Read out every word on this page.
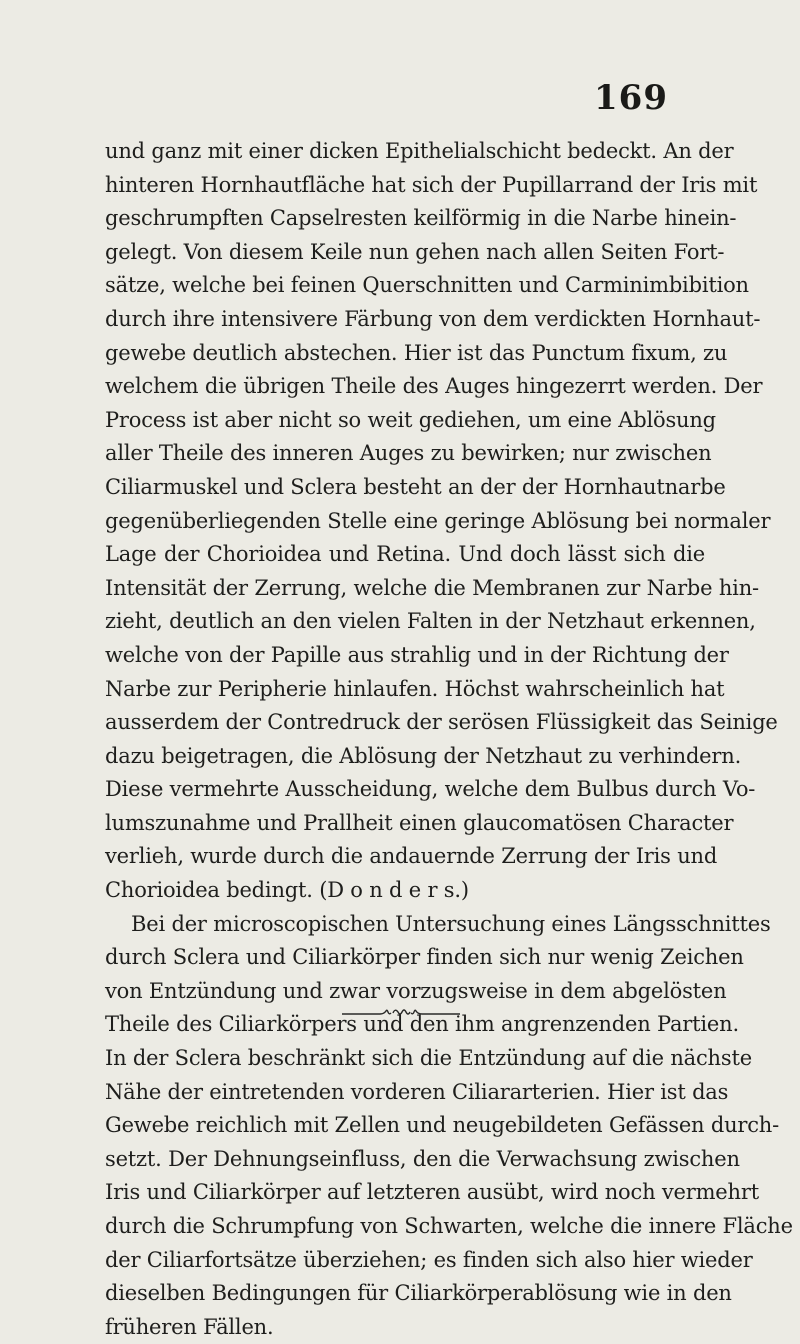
169
und ganz mit einer dicken Epithelialschicht bedeckt. An der
hinteren Hornhautfläche hat sich der Pupillarrand der Iris mit
geschrumpften Capselresten keilförmig in die Narbe hinein-
gelegt. Von diesem Keile nun gehen nach allen Seiten Fort-
sätze, welche bei feinen Querschnitten und Carminimbibition
durch ihre intensivere Färbung von dem verdickten Hornhaut-
gewebe deutlich abstechen. Hier ist das Punctum fixum, zu
welchem die übrigen Theile des Auges hingezerrt werden. Der
Process ist aber nicht so weit gediehen, um eine Ablösung
aller Theile des inneren Auges zu bewirken; nur zwischen
Ciliarmuskel und Sclera besteht an der der Hornhautnarbe
gegenüberliegenden Stelle eine geringe Ablösung bei normaler
Lage der Chorioidea und Retina. Und doch lässt sich die
Intensität der Zerrung, welche die Membranen zur Narbe hin-
zieht, deutlich an den vielen Falten in der Netzhaut erkennen,
welche von der Papille aus strahlig und in der Richtung der
Narbe zur Peripherie hinlaufen. Höchst wahrscheinlich hat
ausserdem der Contredruck der serösen Flüssigkeit das Seinige
dazu beigetragen, die Ablösung der Netzhaut zu verhindern.
Diese vermehrte Ausscheidung, welche dem Bulbus durch Vo-
lumszunahme und Prallheit einen glaucomatösen Character
verlieh, wurde durch die andauernde Zerrung der Iris und
Chorioidea bedingt. (D o n d e r s.)
Bei der microscopischen Untersuchung eines Längsschnittes
durch Sclera und Ciliarkörper finden sich nur wenig Zeichen
von Entzündung und zwar vorzugsweise in dem abgelösten
Theile des Ciliarkörpers und den ihm angrenzenden Partien.
In der Sclera beschränkt sich die Entzündung auf die nächste
Nähe der eintretenden vorderen Ciliararterien. Hier ist das
Gewebe reichlich mit Zellen und neugebildeten Gefässen durch-
setzt. Der Dehnungseinfluss, den die Verwachsung zwischen
Iris und Ciliarkörper auf letzteren ausübt, wird noch vermehrt
durch die Schrumpfung von Schwarten, welche die innere Fläche
der Ciliarfortsätze überziehen; es finden sich also hier wieder
dieselben Bedingungen für Ciliarkörperablösung wie in den
früheren Fällen.
